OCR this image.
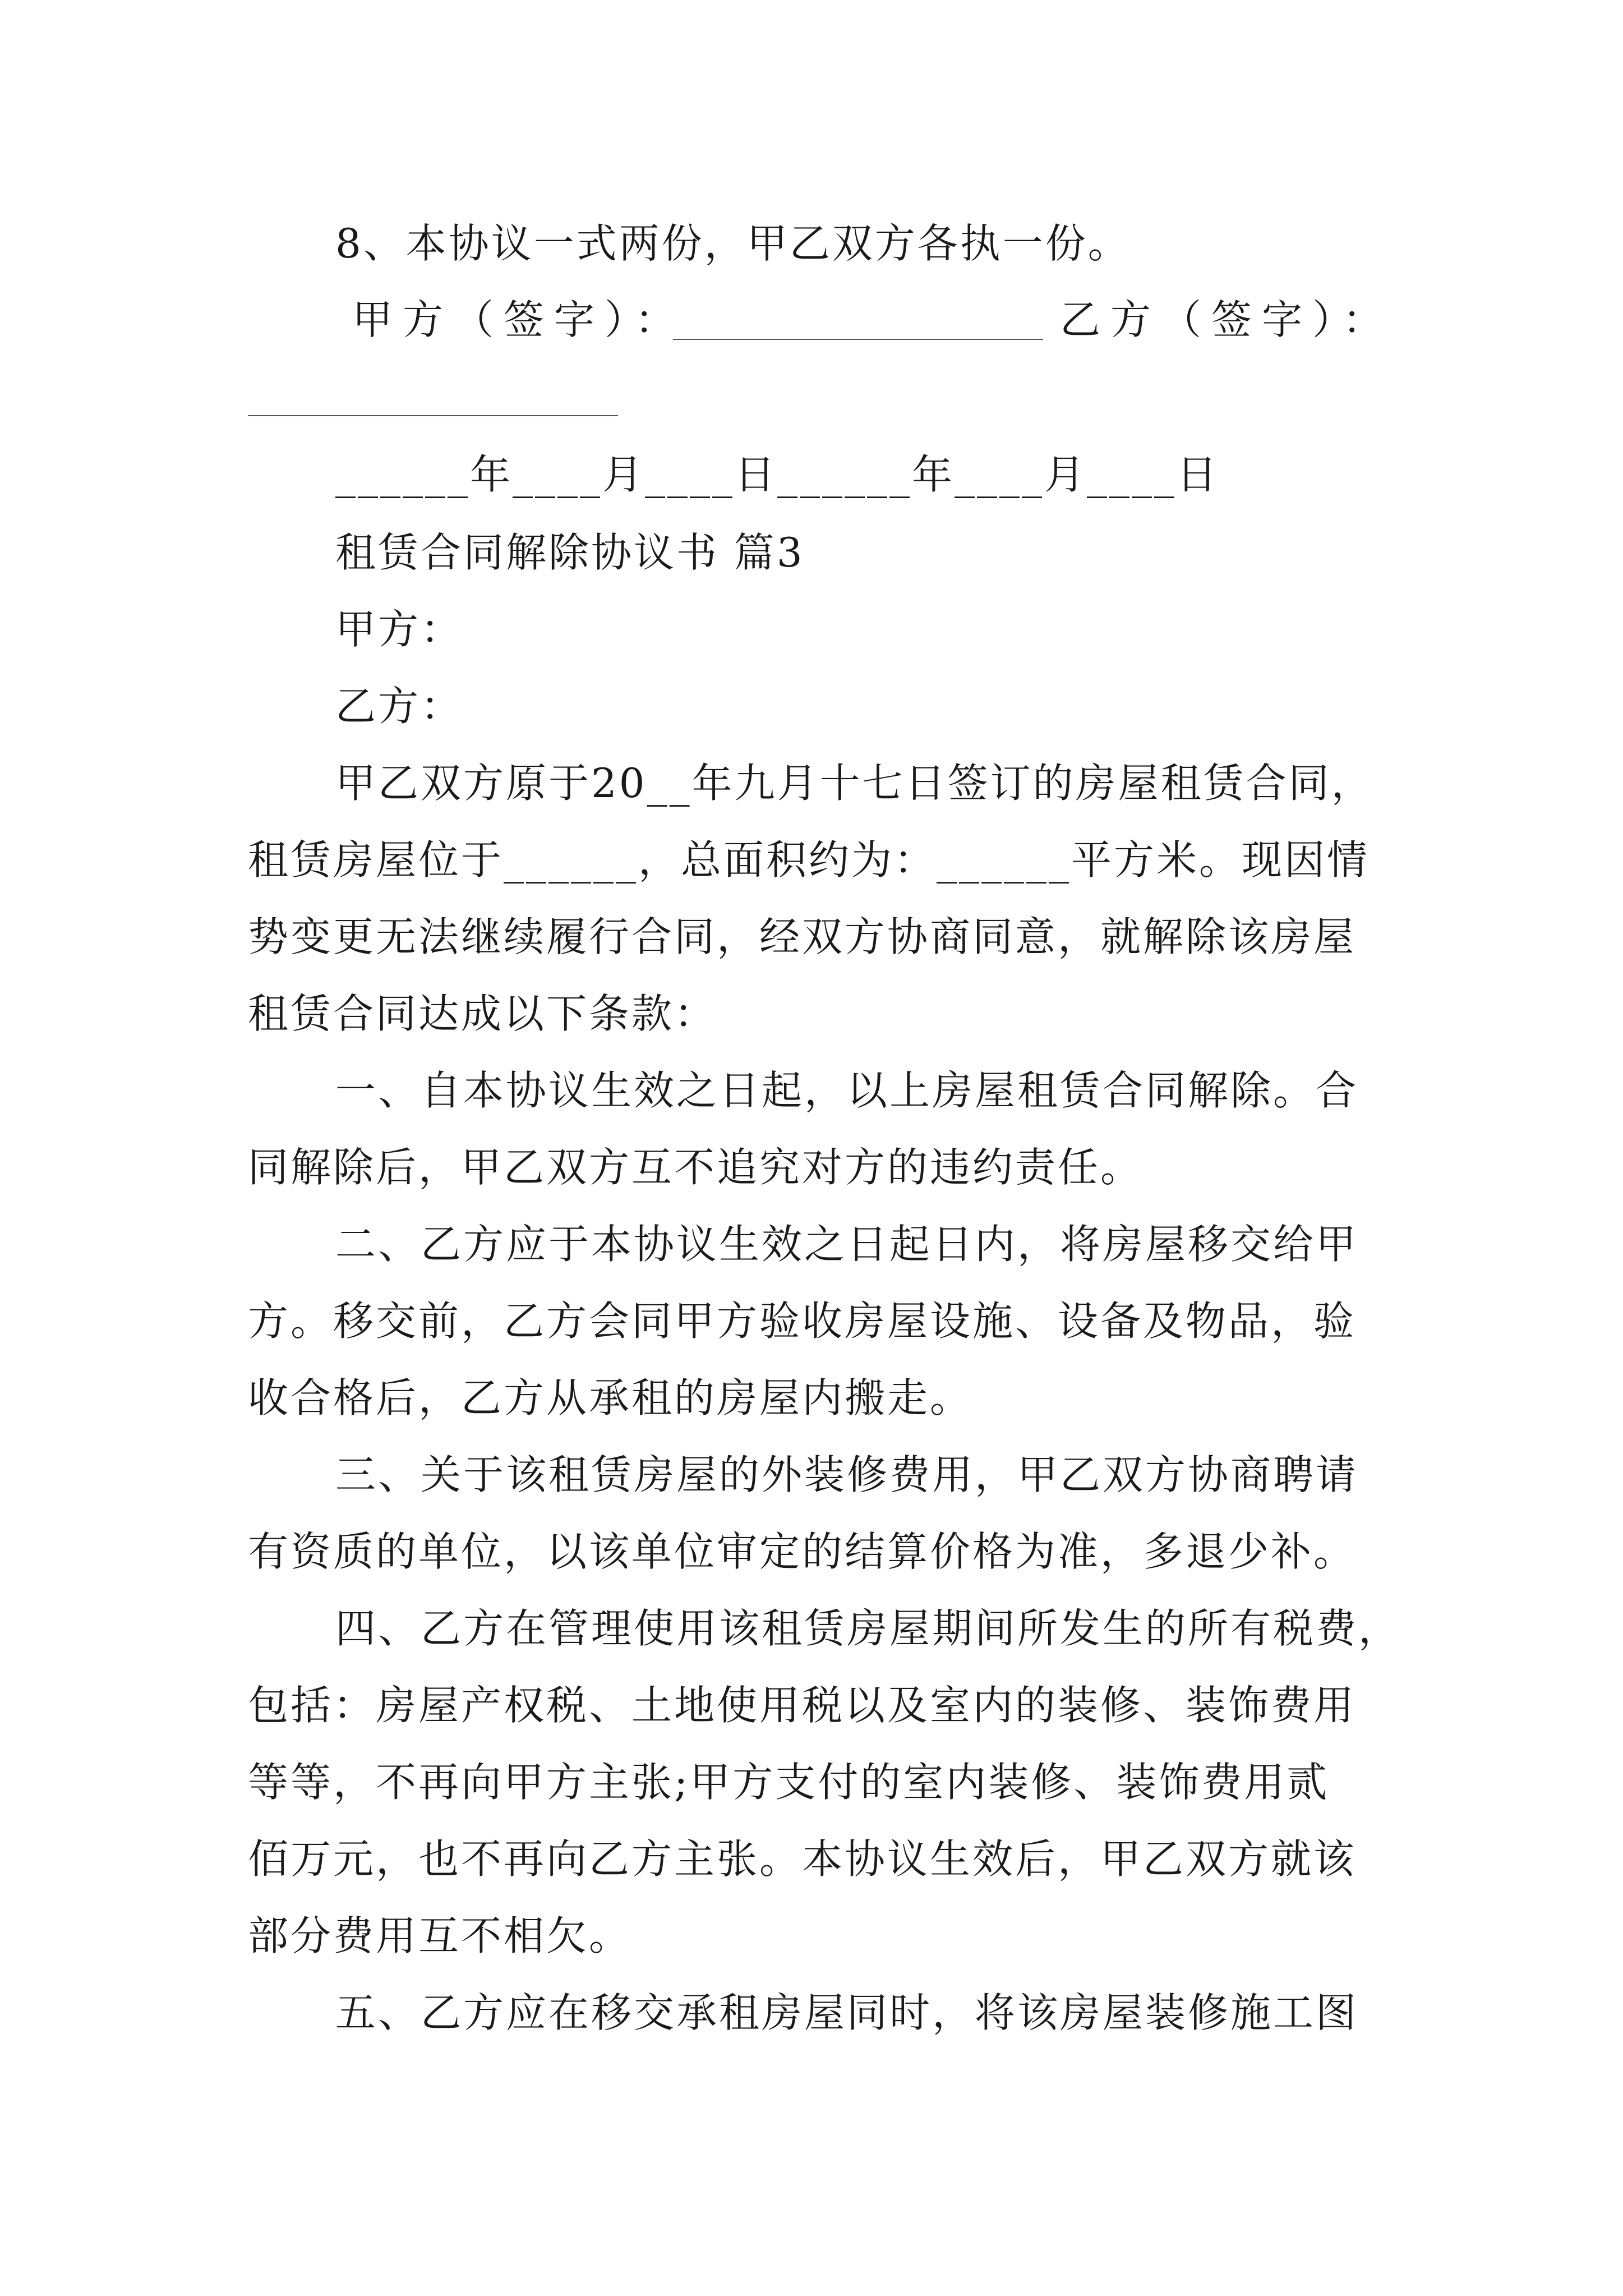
8、本协议一式两份，甲乙双方各执一份。
甲方（签字）：	乙方（签字）：
______年____月____日______年____月____日
租赁合同解除协议书 篇3
甲方：
乙方：
甲乙双方原于20__年九月十七日签订的房屋租赁合同，
租赁房屋位于______，总面积约为：______平方米。现因情
势变更无法继续履行合同，经双方协商同意，就解除该房屋
租赁合同达成以下条款：
一、自本协议生效之日起，以上房屋租赁合同解除。合
同解除后，甲乙双方互不追究对方的违约责任。
二、乙方应于本协议生效之日起日内，将房屋移交给甲
方。移交前，乙方会同甲方验收房屋设施、设备及物品，验
收合格后，乙方从承租的房屋内搬走。
三、关于该租赁房屋的外装修费用，甲乙双方协商聘请
有资质的单位，以该单位审定的结算价格为准，多退少补。
四、乙方在管理使用该租赁房屋期间所发生的所有税费，
包括：房屋产权税、土地使用税以及室内的装修、装饰费用
等等，不再向甲方主张;甲方支付的室内装修、装饰费用贰
佰万元，也不再向乙方主张。本协议生效后，甲乙双方就该
部分费用互不相欠。
五、乙方应在移交承租房屋同时，将该房屋装修施工图
